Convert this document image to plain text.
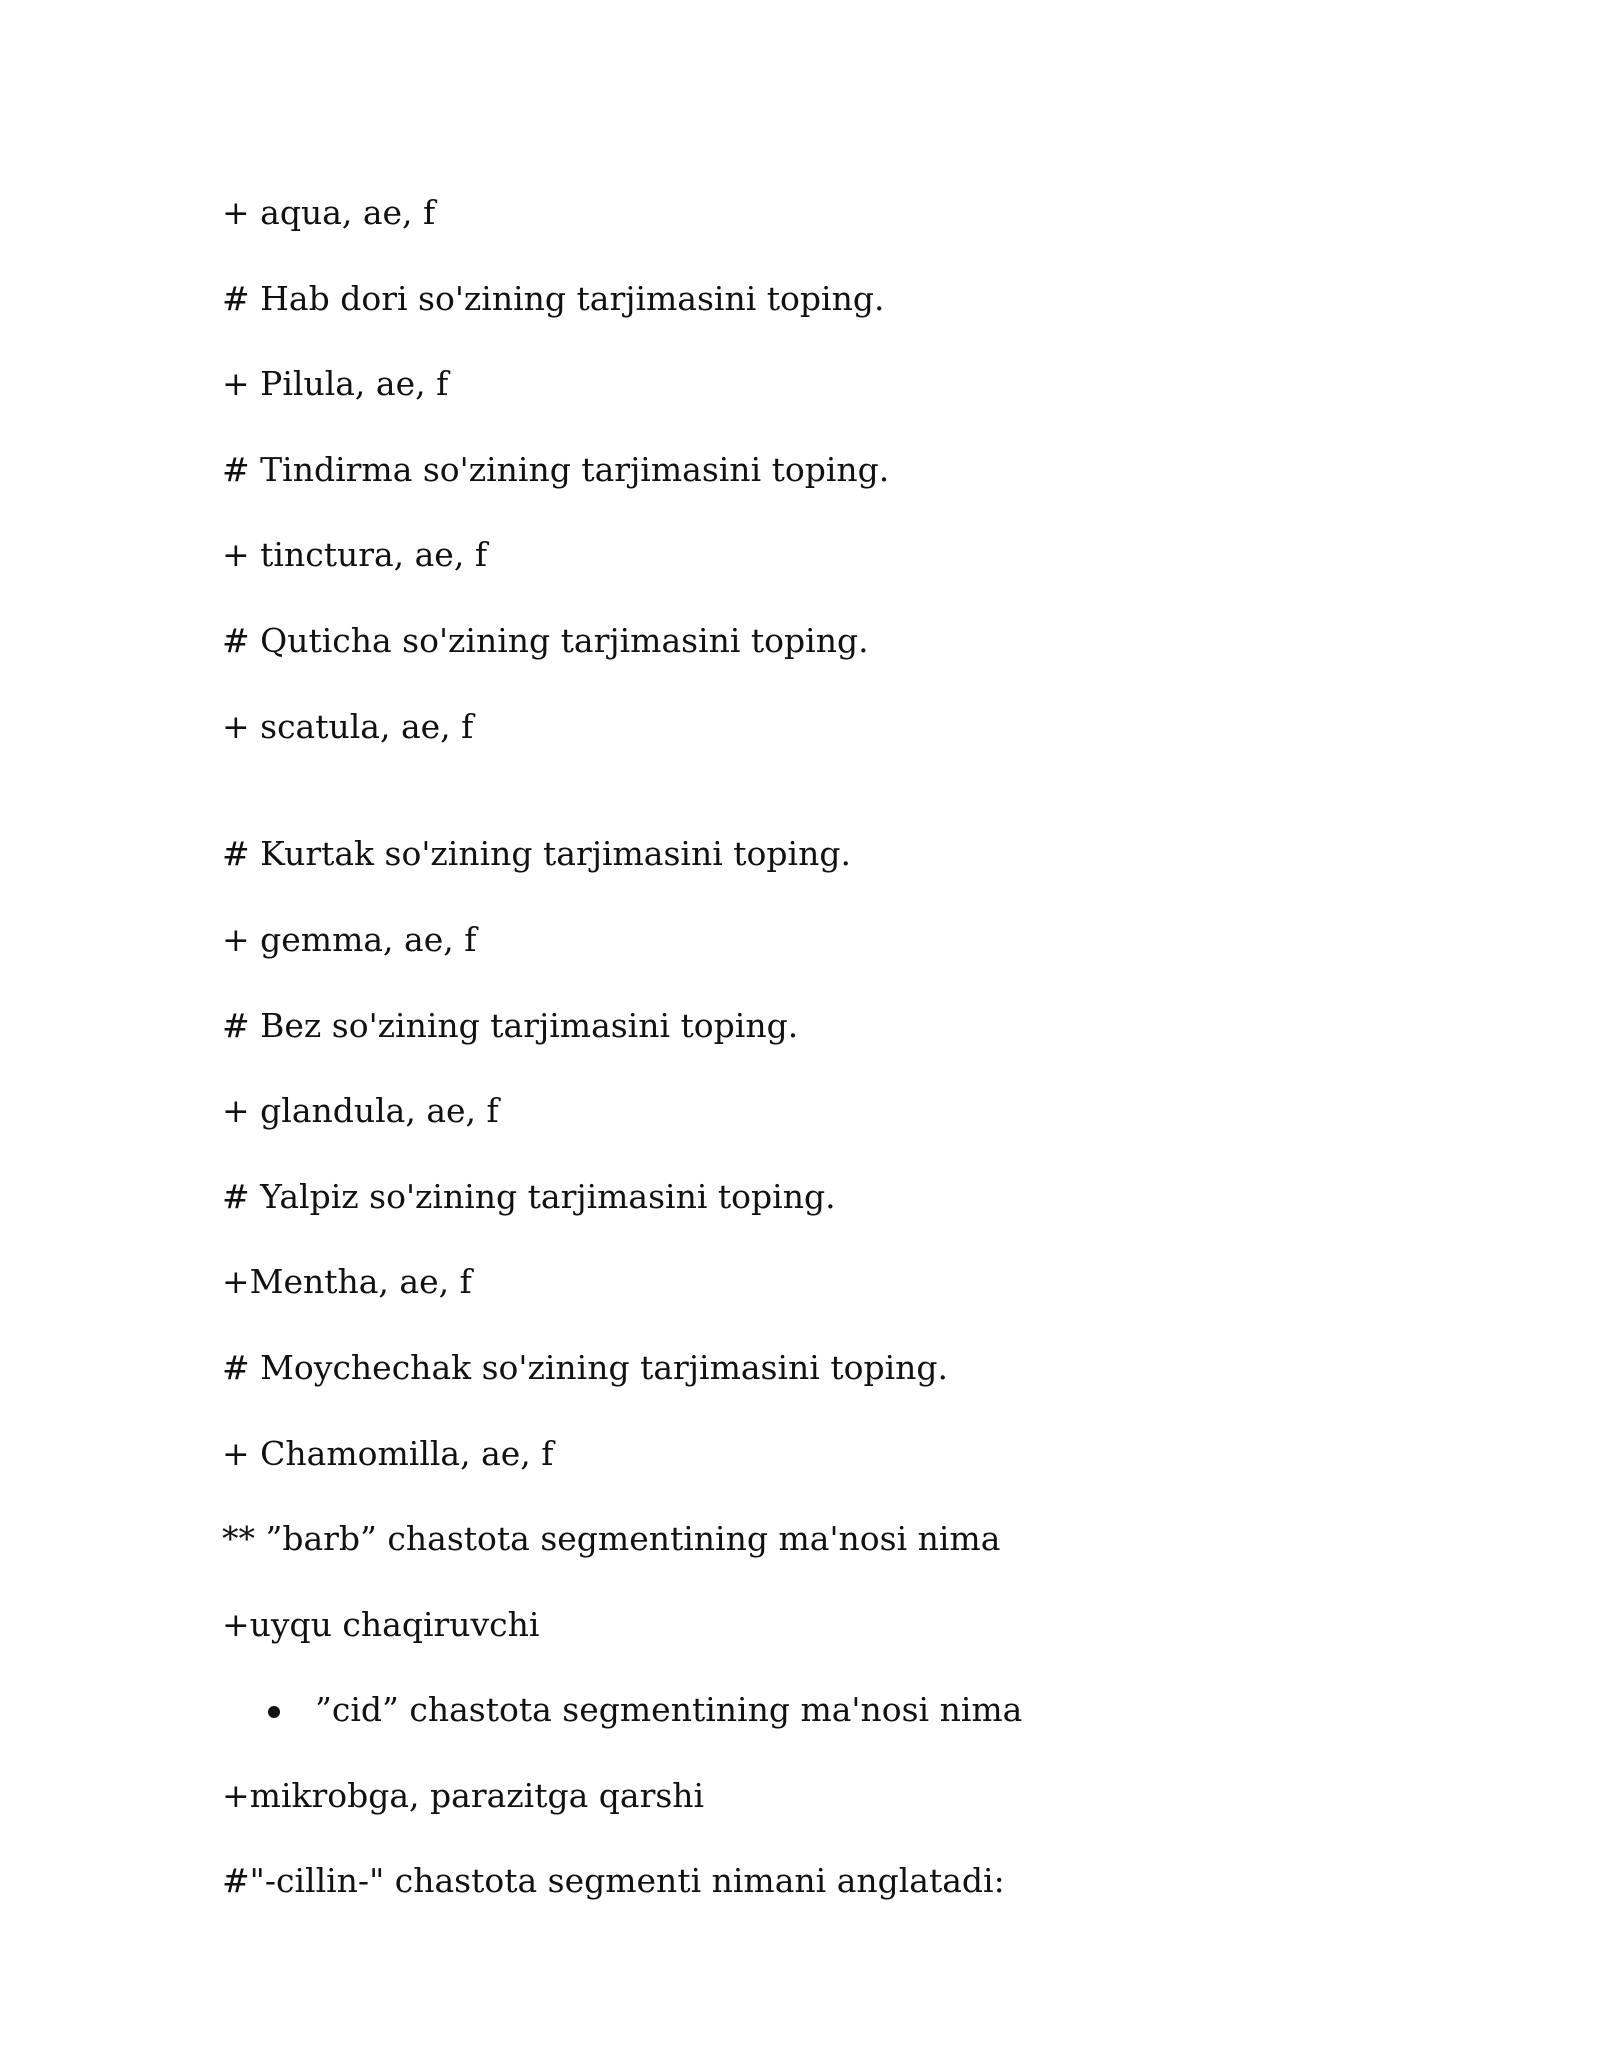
+ aqua, ae, f
# Hab dori so'zining tarjimasini toping.
+ Pilula, ae, f
# Tindirma so'zining tarjimasini toping.
+ tinctura, ae, f
# Quticha so'zining tarjimasini toping.
+ scatula, ae, f
# Kurtak so'zining tarjimasini toping.
+ gemma, ae, f
# Bez so'zining tarjimasini toping.
+ glandula, ae, f
# Yalpiz so'zining tarjimasini toping.
+Mentha, ae, f
# Moychechak so'zining tarjimasini toping.
+ Chamomilla, ae, f
** ”barb” chastota segmentining ma'nosi nima
+uyqu chaqiruvchi
”cid” chastota segmentining ma'nosi nima
+mikrobga, parazitga qarshi
#"-cillin-" chastota segmenti nimani anglatadi:
